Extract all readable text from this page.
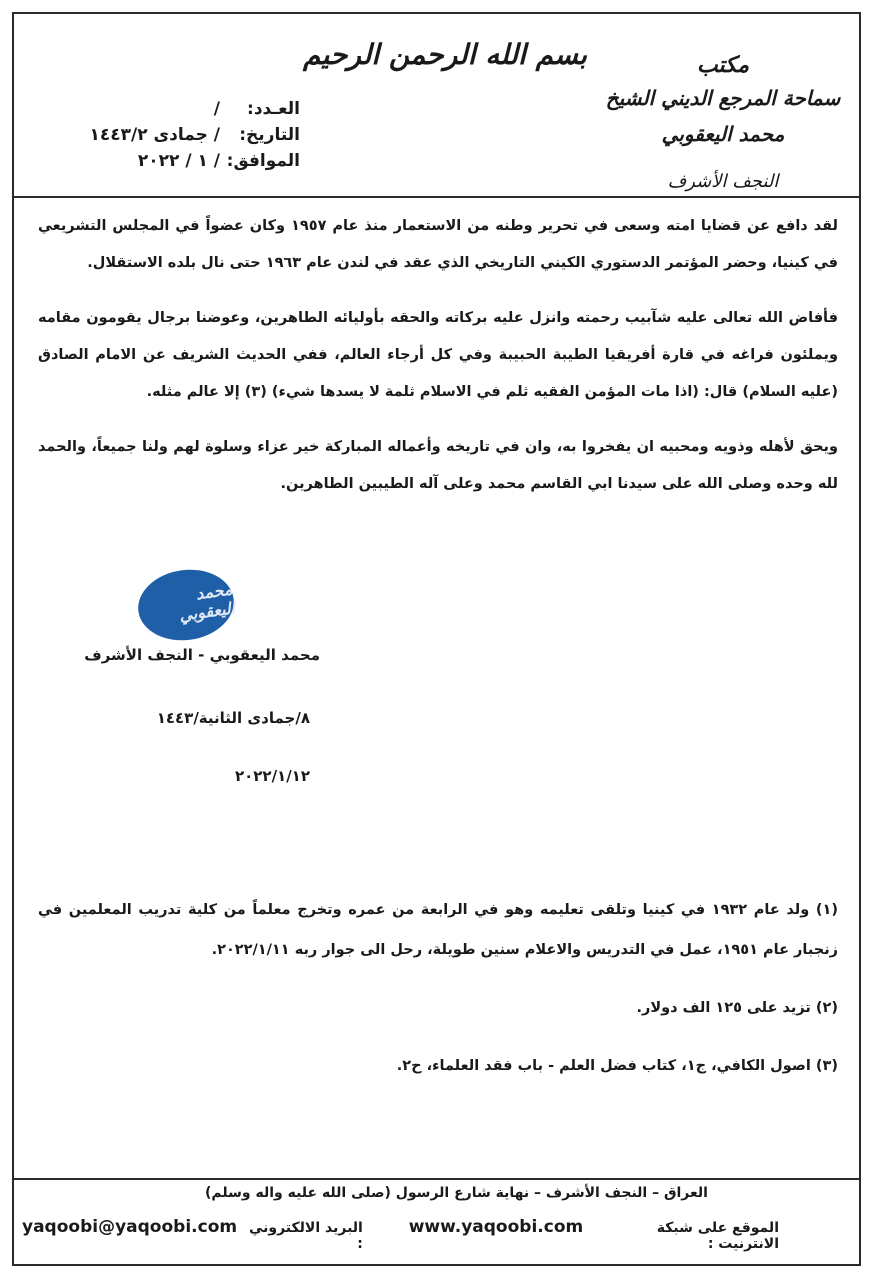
بسم الله الرحمن الرحيم	مكتب
سماحة المرجع الديني الشيخ محمد اليعقوبي
النجف الأشرف
العـدد:
/
التاريخ:
/ جمادى ١٤٤٣/٢
الموافق:
/ ١ / ٢٠٢٢

لقد دافع عن قضايا امته وسعى في تحرير وطنه من الاستعمار منذ عام ١٩٥٧ وكان عضواً في المجلس التشريعي في كينيا، وحضر المؤتمر الدستوري الكيني التاريخي الذي عقد في لندن عام ١٩٦٣ حتى نال بلده الاستقلال.

فأفاض الله تعالى عليه شآبيب رحمته وانزل عليه بركاته والحقه بأوليائه الطاهرين، وعوضنا برجال يقومون مقامه ويملئون فراغه في قارة أفريقيا الطيبة الحبيبة وفي كل أرجاء العالم، ففي الحديث الشريف عن الامام الصادق (عليه السلام) قال: (اذا مات المؤمن الفقيه ثلم في الاسلام ثلمة لا يسدها شيء) (٣) إلا عالم مثله.

ويحق لأهله وذويه ومحبيه ان يفخروا به، وان في تاريخه وأعماله المباركة خير عزاء وسلوة لهم ولنا جميعاً، والحمد لله وحده وصلى الله على سيدنا ابي القاسم محمد وعلى آله الطيبين الطاهرين.

محمد اليعقوبي
محمد اليعقوبي - النجف الأشرف
٨/جمادى الثانية/١٤٤٣
٢٠٢٢/١/١٢

(١) ولد عام ١٩٣٢ في كينيا وتلقى تعليمه وهو في الرابعة من عمره وتخرج معلماً من كلية تدريب المعلمين في زنجبار عام ١٩٥١، عمل في التدريس والاعلام سنين طويلة، رحل الى جوار ربه ٢٠٢٢/١/١١.

(٢) تزيد على ١٢٥ الف دولار.

(٣) اصول الكافي، ج١، كتاب فضل العلم - باب فقد العلماء، ح٢.

العراق – النجف الأشرف – نهاية شارع الرسول (صلى الله عليه واله وسلم)
الموقع على شبكة الانترنيت :
www.yaqoobi.com
البريد الالكتروني :
yaqoobi@yaqoobi.com
